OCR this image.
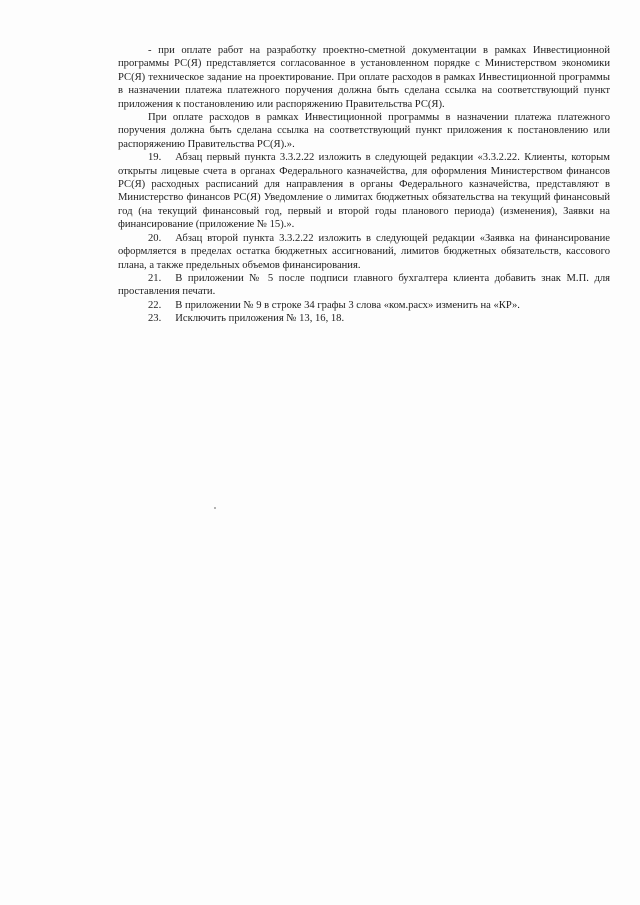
- при оплате работ на разработку проектно-сметной документации в рамках Инвестиционной программы РС(Я) представляется согласованное в установленном порядке с Министерством экономики РС(Я) техническое задание на проектирование. При оплате расходов в рамках Инвестиционной программы в назначении платежа платежного поручения должна быть сделана ссылка на соответствующий пункт приложения к постановлению или распоряжению Правительства РС(Я).

При оплате расходов в рамках Инвестиционной программы в назначении платежа платежного поручения должна быть сделана ссылка на соответствующий пункт приложения к постановлению или распоряжению Правительства РС(Я).».

19. Абзац первый пункта 3.3.2.22 изложить в следующей редакции «3.3.2.22. Клиенты, которым открыты лицевые счета в органах Федерального казначейства, для оформления Министерством финансов РС(Я) расходных расписаний для направления в органы Федерального казначейства, представляют в Министерство финансов РС(Я) Уведомление о лимитах бюджетных обязательства на текущий финансовый год (на текущий финансовый год, первый и второй годы планового периода) (изменения), Заявки на финансирование (приложение № 15).».

20. Абзац второй пункта 3.3.2.22 изложить в следующей редакции «Заявка на финансирование оформляется в пределах остатка бюджетных ассигнований, лимитов бюджетных обязательств, кассового плана, а также предельных объемов финансирования.

21. В приложении № 5 после подписи главного бухгалтера клиента добавить знак М.П. для проставления печати.

22. В приложении № 9 в строке 34 графы 3 слова «ком.расх» изменить на «КР».

23. Исключить приложения № 13, 16, 18.
